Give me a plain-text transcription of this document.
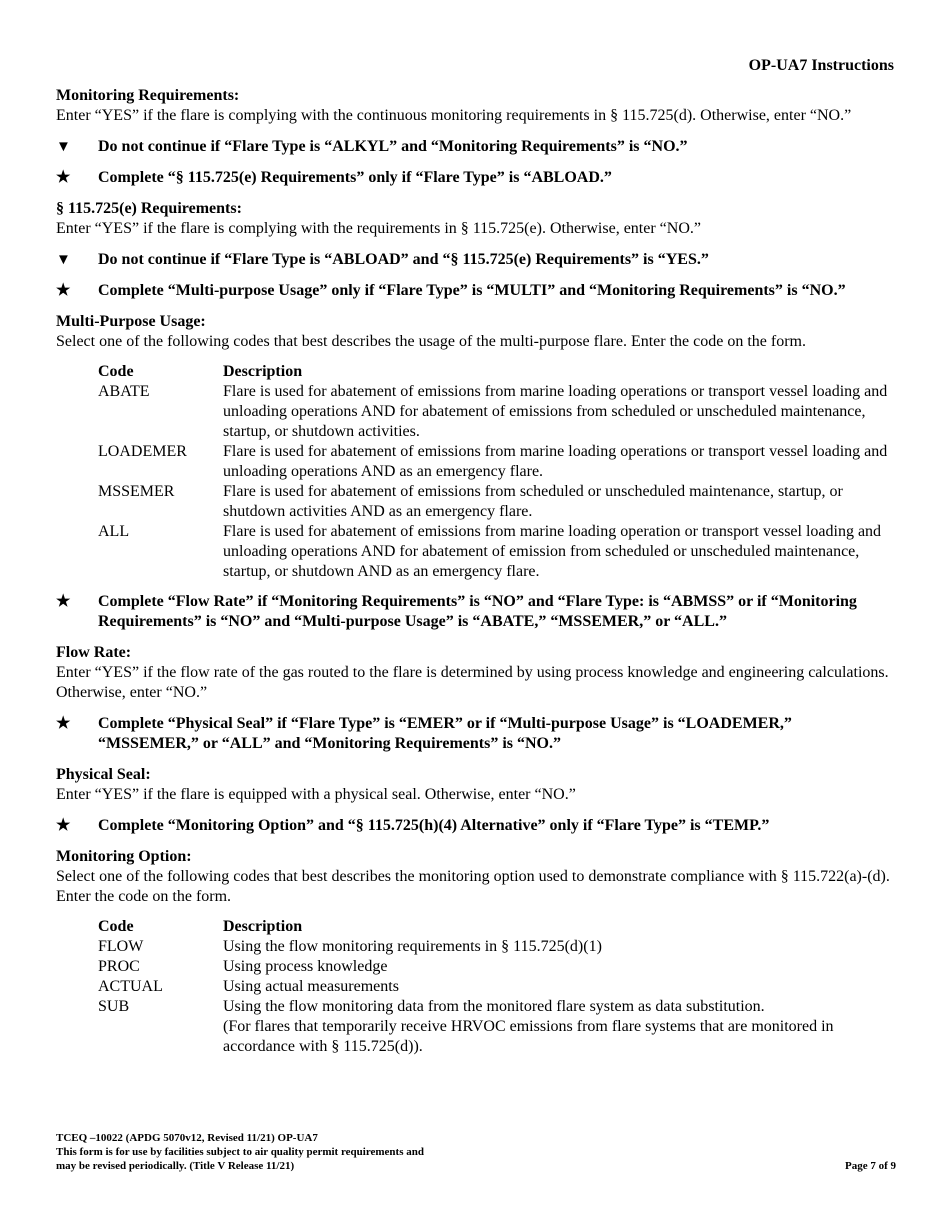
OP-UA7 Instructions

Monitoring Requirements:

Enter “YES” if the flare is complying with the continuous monitoring requirements in § 115.725(d). Otherwise, enter “NO.”

▼	Do not continue if “Flare Type is “ALKYL” and “Monitoring Requirements” is “NO.”
★	Complete “§ 115.725(e) Requirements” only if “Flare Type” is “ABLOAD.”

§ 115.725(e) Requirements:

Enter “YES” if the flare is complying with the requirements in § 115.725(e). Otherwise, enter “NO.”

▼	Do not continue if “Flare Type is “ABLOAD” and “§ 115.725(e) Requirements” is “YES.”
★	Complete “Multi-purpose Usage” only if “Flare Type” is “MULTI” and “Monitoring Requirements” is “NO.”

Multi-Purpose Usage:

Select one of the following codes that best describes the usage of the multi-purpose flare. Enter the code on the form.

Code	Description
ABATE	Flare is used for abatement of emissions from marine loading operations or transport vessel loading and unloading operations AND for abatement of emissions from scheduled or unscheduled maintenance, startup, or shutdown activities.
LOADEMER	Flare is used for abatement of emissions from marine loading operations or transport vessel loading and unloading operations AND as an emergency flare.
MSSEMER	Flare is used for abatement of emissions from scheduled or unscheduled maintenance, startup, or shutdown activities AND as an emergency flare.
ALL	Flare is used for abatement of emissions from marine loading operation or transport vessel loading and unloading operations AND for abatement of emission from scheduled or unscheduled maintenance, startup, or shutdown AND as an emergency flare.
★	Complete “Flow Rate” if “Monitoring Requirements” is “NO” and “Flare Type: is “ABMSS” or if “Monitoring Requirements” is “NO” and “Multi-purpose Usage” is “ABATE,” “MSSEMER,” or “ALL.”

Flow Rate:

Enter “YES” if the flow rate of the gas routed to the flare is determined by using process knowledge and engineering calculations. Otherwise, enter “NO.”

★	Complete “Physical Seal” if “Flare Type” is “EMER” or if “Multi-purpose Usage” is “LOADEMER,” “MSSEMER,” or “ALL” and “Monitoring Requirements” is “NO.”

Physical Seal:

Enter “YES” if the flare is equipped with a physical seal. Otherwise, enter “NO.”

★	Complete “Monitoring Option” and “§ 115.725(h)(4) Alternative” only if “Flare Type” is “TEMP.”

Monitoring Option:

Select one of the following codes that best describes the monitoring option used to demonstrate compliance with § 115.722(a)-(d). Enter the code on the form.

Code	Description
FLOW	Using the flow monitoring requirements in § 115.725(d)(1)
PROC	Using process knowledge
ACTUAL	Using actual measurements
SUB	Using the flow monitoring data from the monitored flare system as data substitution.
(For flares that temporarily receive HRVOC emissions from flare systems that are monitored in accordance with § 115.725(d)).
TCEQ –10022 (APDG 5070v12, Revised 11/21) OP-UA7
This form is for use by facilities subject to air quality permit requirements and
may be revised periodically. (Title V Release 11/21)	Page 7 of 9
